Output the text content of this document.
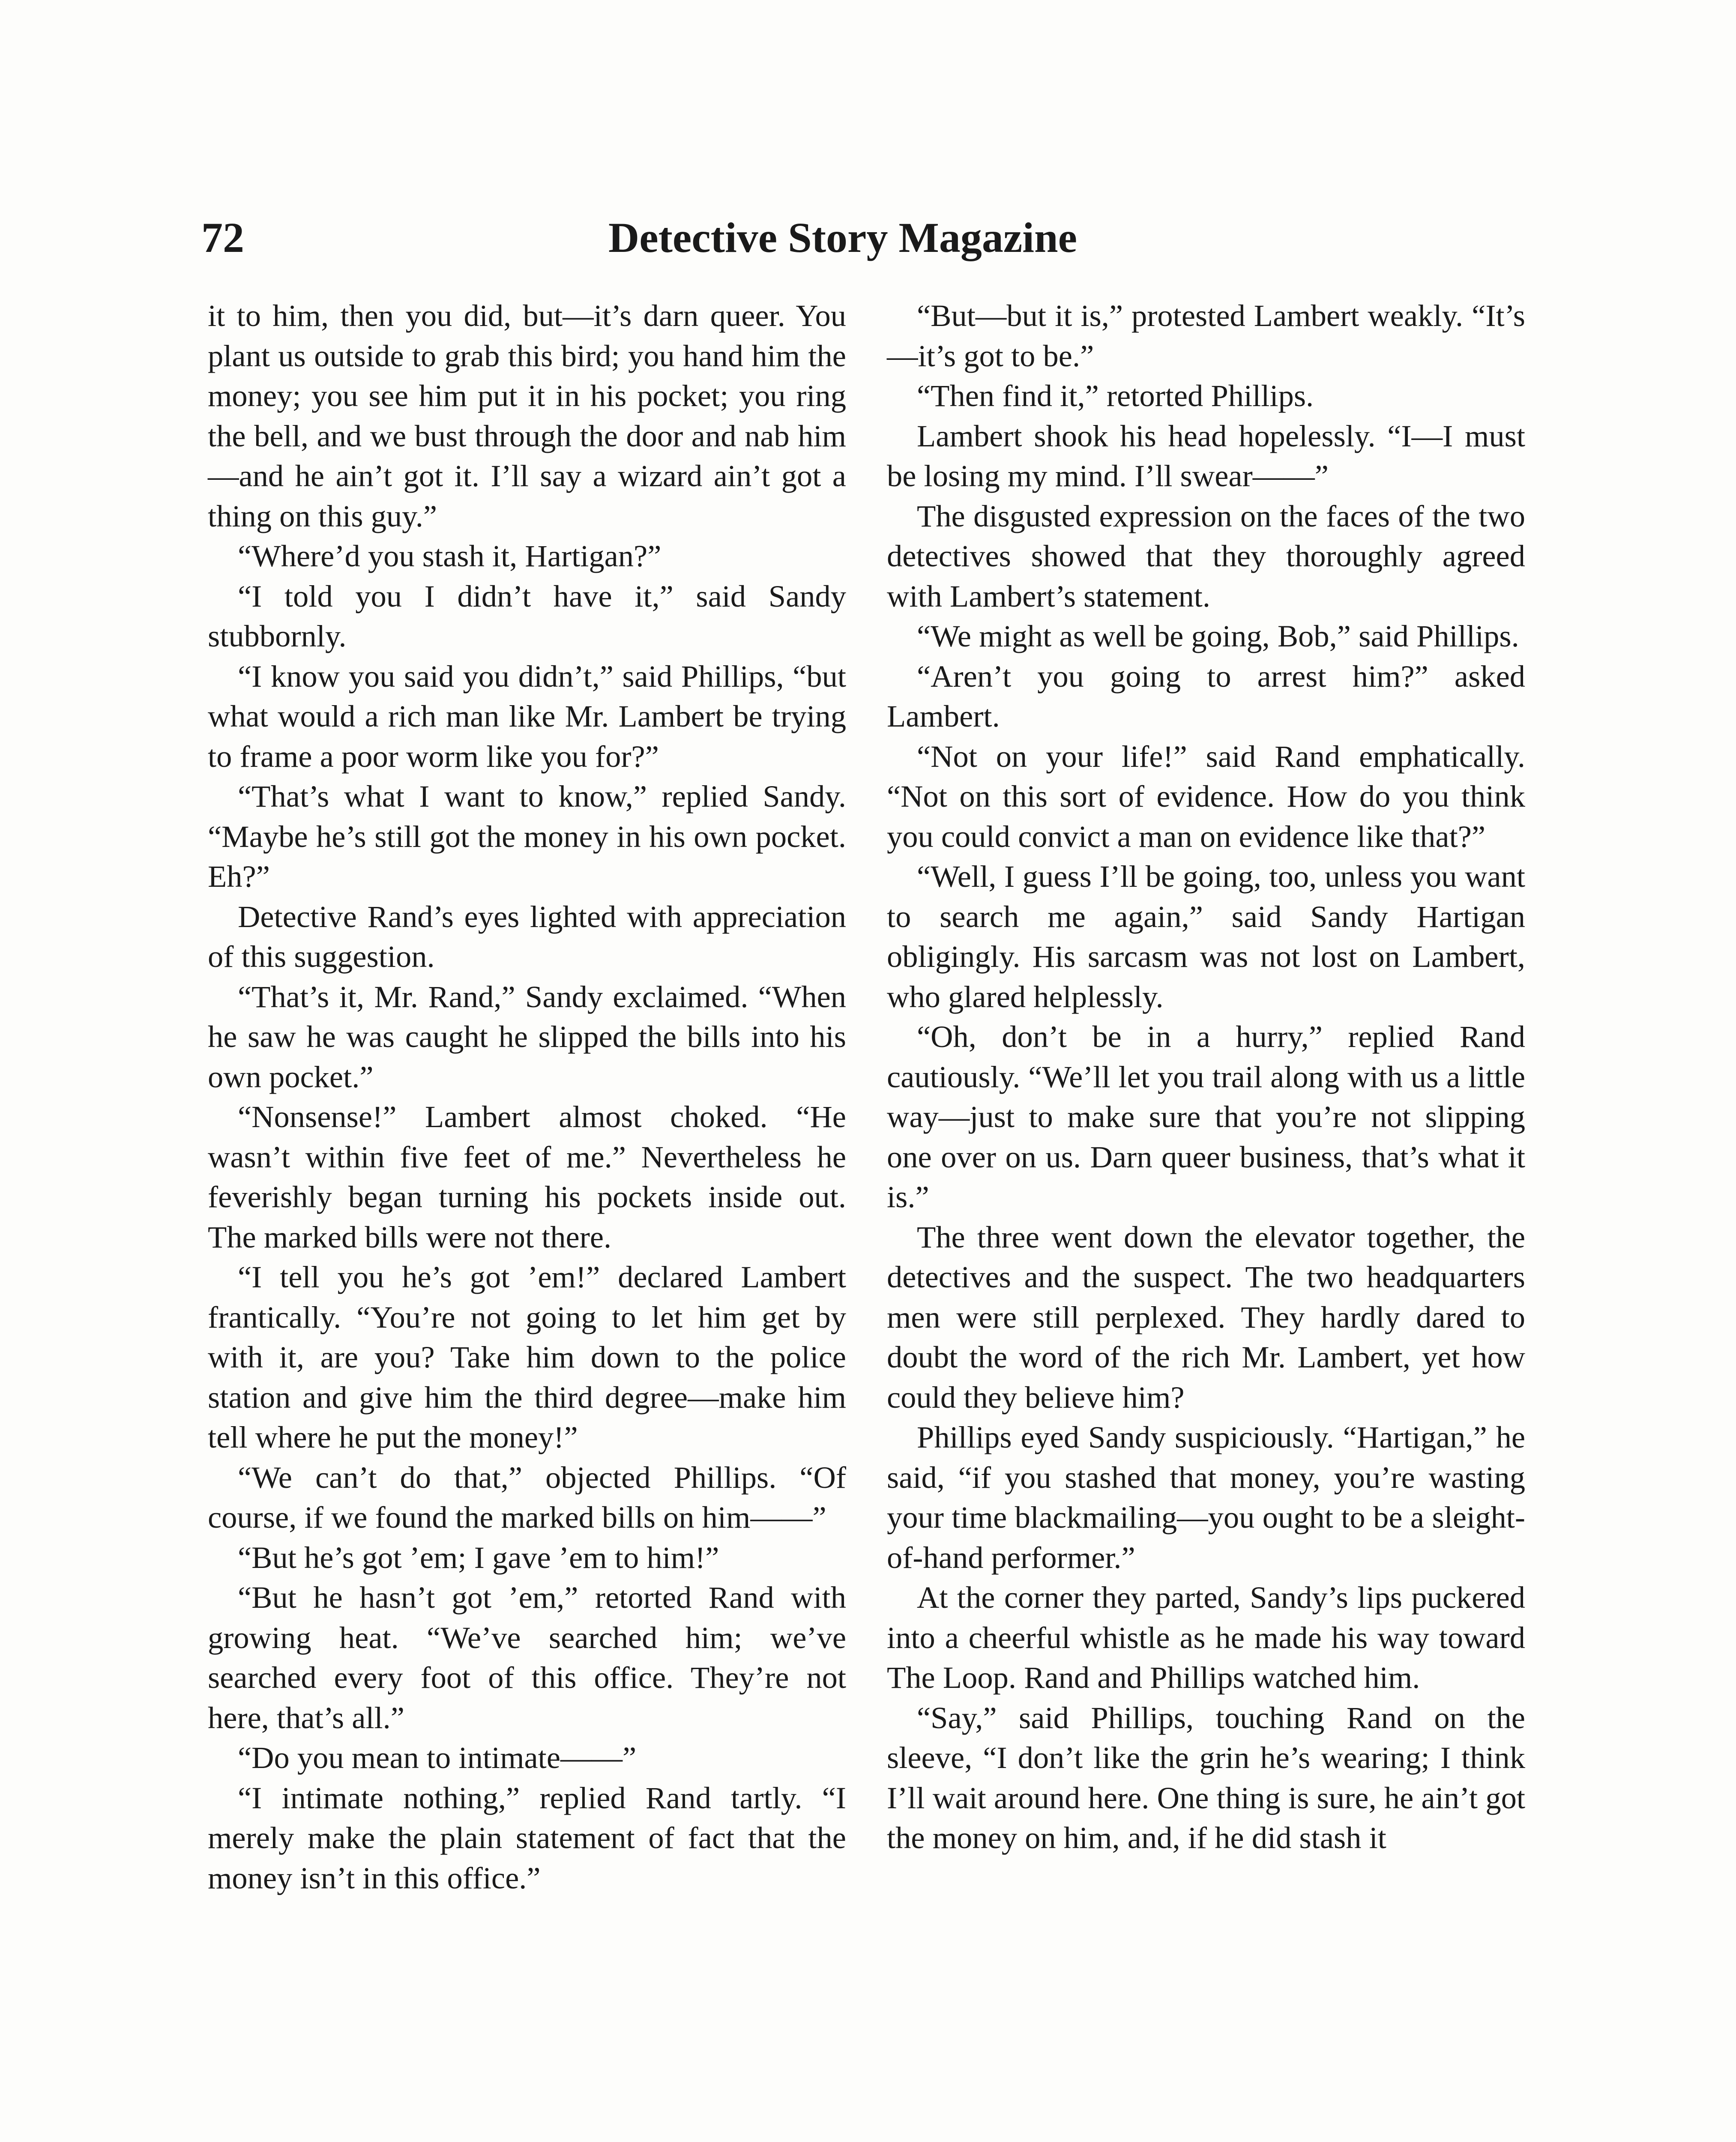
72	Detective Story Magazine

it to him, then you did, but—it’s darn queer. You plant us outside to grab this bird; you hand him the money; you see him put it in his pocket; you ring the bell, and we bust through the door and nab him—and he ain’t got it. I’ll say a wizard ain’t got a thing on this guy.”

“Where’d you stash it, Hartigan?”

“I told you I didn’t have it,” said Sandy stubbornly.

“I know you said you didn’t,” said Phillips, “but what would a rich man like Mr. Lambert be trying to frame a poor worm like you for?”

“That’s what I want to know,” replied Sandy. “Maybe he’s still got the money in his own pocket. Eh?”

Detective Rand’s eyes lighted with appreciation of this suggestion.

“That’s it, Mr. Rand,” Sandy exclaimed. “When he saw he was caught he slipped the bills into his own pocket.”

“Nonsense!” Lambert almost choked. “He wasn’t within five feet of me.” Nevertheless he feverishly began turning his pockets inside out. The marked bills were not there.

“I tell you he’s got ’em!” declared Lambert frantically. “You’re not going to let him get by with it, are you? Take him down to the police station and give him the third degree—make him tell where he put the money!”

“We can’t do that,” objected Phillips. “Of course, if we found the marked bills on him——”

“But he’s got ’em; I gave ’em to him!”

“But he hasn’t got ’em,” retorted Rand with growing heat. “We’ve searched him; we’ve searched every foot of this office. They’re not here, that’s all.”

“Do you mean to intimate——”

“I intimate nothing,” replied Rand tartly. “I merely make the plain statement of fact that the money isn’t in this office.”

“But—but it is,” protested Lambert weakly. “It’s—it’s got to be.”

“Then find it,” retorted Phillips.

Lambert shook his head hopelessly. “I—I must be losing my mind. I’ll swear——”

The disgusted expression on the faces of the two detectives showed that they thoroughly agreed with Lambert’s statement.

“We might as well be going, Bob,” said Phillips.

“Aren’t you going to arrest him?” asked Lambert.

“Not on your life!” said Rand emphatically. “Not on this sort of evidence. How do you think you could convict a man on evidence like that?”

“Well, I guess I’ll be going, too, unless you want to search me again,” said Sandy Hartigan obligingly. His sarcasm was not lost on Lambert, who glared helplessly.

“Oh, don’t be in a hurry,” replied Rand cautiously. “We’ll let you trail along with us a little way—just to make sure that you’re not slipping one over on us. Darn queer business, that’s what it is.”

The three went down the elevator together, the detectives and the suspect. The two headquarters men were still perplexed. They hardly dared to doubt the word of the rich Mr. Lambert, yet how could they believe him?

Phillips eyed Sandy suspiciously. “Hartigan,” he said, “if you stashed that money, you’re wasting your time blackmailing—you ought to be a sleight-of-hand performer.”

At the corner they parted, Sandy’s lips puckered into a cheerful whistle as he made his way toward The Loop. Rand and Phillips watched him.

“Say,” said Phillips, touching Rand on the sleeve, “I don’t like the grin he’s wearing; I think I’ll wait around here. One thing is sure, he ain’t got the money on him, and, if he did stash it
